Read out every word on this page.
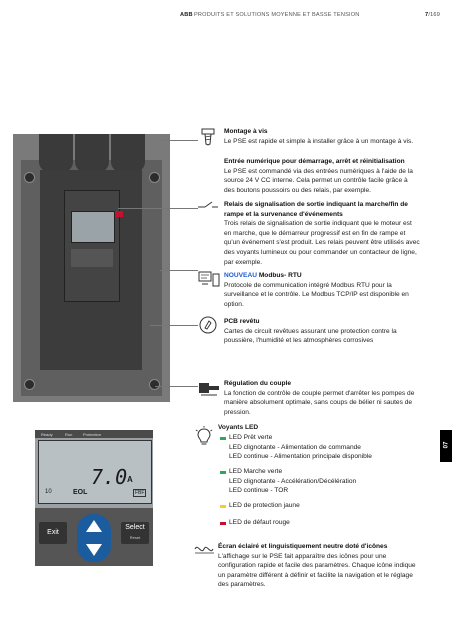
ABB PRODUITS ET SOLUTIONS MOYENNE ET BASSE TENSION	7/169
Ready	Run	Protection
7.0 A
10	EOL	FBF
Exit
Select
Reset
Montage à vis
Le PSE est rapide et simple à installer grâce à un montage à vis.
Entrée numérique pour démarrage, arrêt et réinitialisation
Le PSE est commandé via des entrées numériques à l'aide de la source 24 V CC interne. Cela permet un contrôle facile grâce à des boutons poussoirs ou des relais, par exemple.
Relais de signalisation de sortie indiquant la marche/fin de rampe et la survenance d'événements
Trois relais de signalisation de sortie indiquant que le moteur est en marche, que le démarreur progressif est en fin de rampe et qu'un événement s'est produit. Les relais peuvent être utilisés avec des voyants lumineux ou pour commander un contacteur de ligne, par exemple.
NOUVEAU Modbus- RTU
Protocole de communication intégré Modbus RTU pour la surveillance et le contrôle. Le Modbus TCP/IP est disponible en option.
PCB revêtu
Cartes de circuit revêtues assurant une protection contre la poussière, l'humidité et les atmosphères corrosives
Régulation du couple
La fonction de contrôle de couple permet d'arrêter les pompes de manière absolument optimale, sans coups de bélier ni sautes de pression.
Voyants LED
LED Prêt verte
LED clignotante - Alimentation de commande
LED continue - Alimentation principale disponible
LED Marche verte
LED clignotante - Accélération/Décélération
LED continue - TOR
LED de protection jaune
LED de défaut rouge
Écran éclairé et linguistiquement neutre doté d'icônes
L'affichage sur le PSE fait apparaître des icônes pour une configuration rapide et facile des paramètres. Chaque icône indique un paramètre différent à définir et facilite la navigation et le réglage des paramètres.
07
